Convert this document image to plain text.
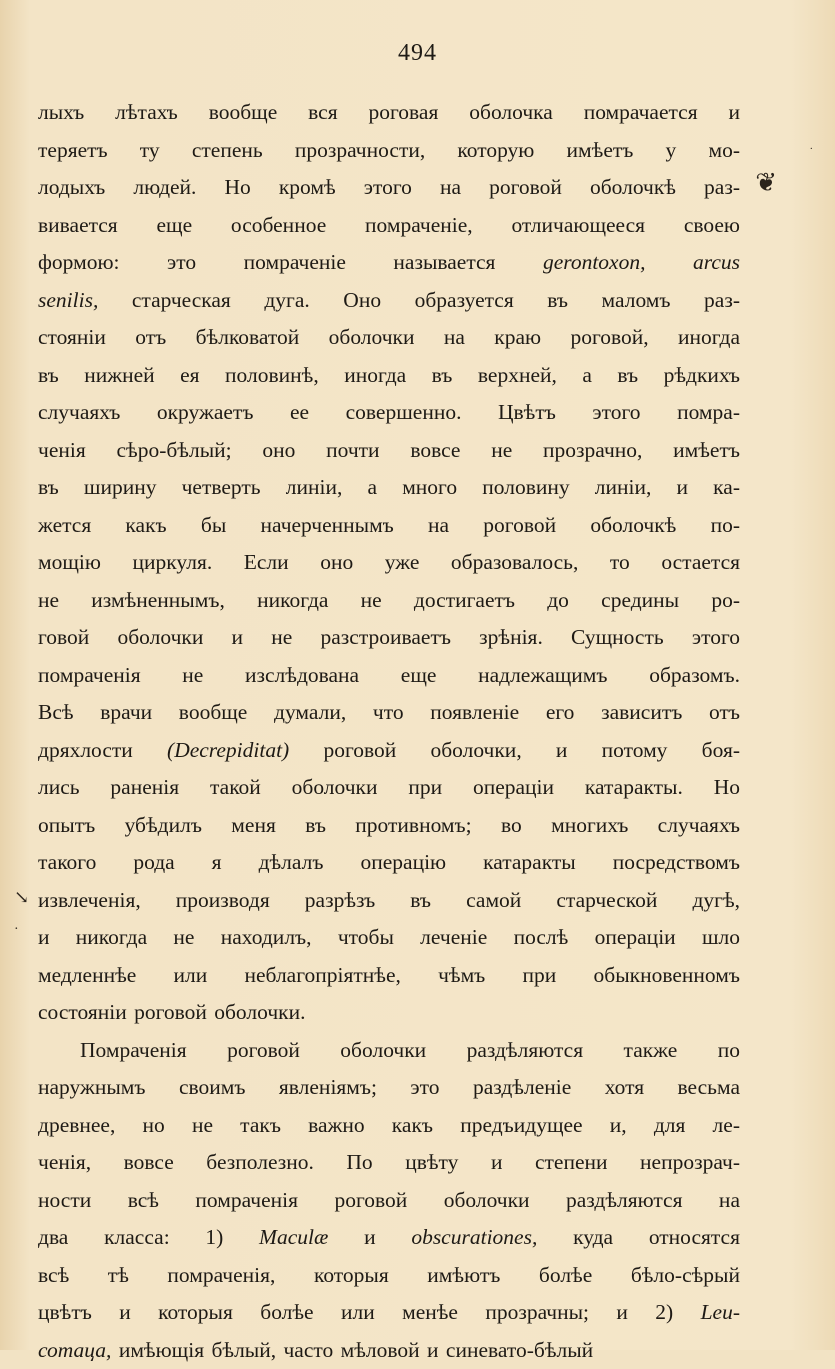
494
·
❦
↘
·
лыхъ лѣтахъ вообще вся роговая оболочка помрачается и
теряетъ ту степень прозрачности, которую имѣетъ у мо-
лодыхъ людей. Но кромѣ этого на роговой оболочкѣ раз-
вивается еще особенное помраченіе, отличающееся своею
формою: это помраченіе называется gerontoxon, arcus
senilis, старческая дуга. Оно образуется въ маломъ раз-
стояніи отъ бѣлковатой оболочки на краю роговой, иногда
въ нижней ея половинѣ, иногда въ верхней, а въ рѣдкихъ
случаяхъ окружаетъ ее совершенно. Цвѣтъ этого помра-
ченія сѣро-бѣлый; оно почти вовсе не прозрачно, имѣетъ
въ ширину четверть линіи, а много половину линіи, и ка-
жется какъ бы начерченнымъ на роговой оболочкѣ по-
мощію циркуля. Если оно уже образовалось, то остается
не измѣненнымъ, никогда не достигаетъ до средины ро-
говой оболочки и не разстроиваетъ зрѣнія. Сущность этого
помраченія не изслѣдована еще надлежащимъ образомъ.
Всѣ врачи вообще думали, что появленіе его зависитъ отъ
дряхлости (Decrepiditat) роговой оболочки, и потому боя-
лись раненія такой оболочки при операціи катаракты. Но
опытъ убѣдилъ меня въ противномъ; во многихъ случаяхъ
такого рода я дѣлалъ операцію катаракты посредствомъ
извлеченія, производя разрѣзъ въ самой старческой дугѣ,
и никогда не находилъ, чтобы леченіе послѣ операціи шло
медленнѣе или неблагопріятнѣе, чѣмъ при обыкновенномъ
состояніи роговой оболочки.
Помраченія роговой оболочки раздѣляются также по
наружнымъ своимъ явленіямъ; это раздѣленіе хотя весьма
древнее, но не такъ важно какъ предъидущее и, для ле-
ченія, вовсе безполезно. По цвѣту и степени непрозрач-
ности всѣ помраченія роговой оболочки раздѣляются на
два класса: 1) Maculæ и obscurationes, куда относятся
всѣ тѣ помраченія, которыя имѣютъ болѣе бѣло-сѣрый
цвѣтъ и которыя болѣе или менѣе прозрачны; и 2) Leu-
сотаца, имѣющія бѣлый, часто мѣловой и синевато-бѣлый
